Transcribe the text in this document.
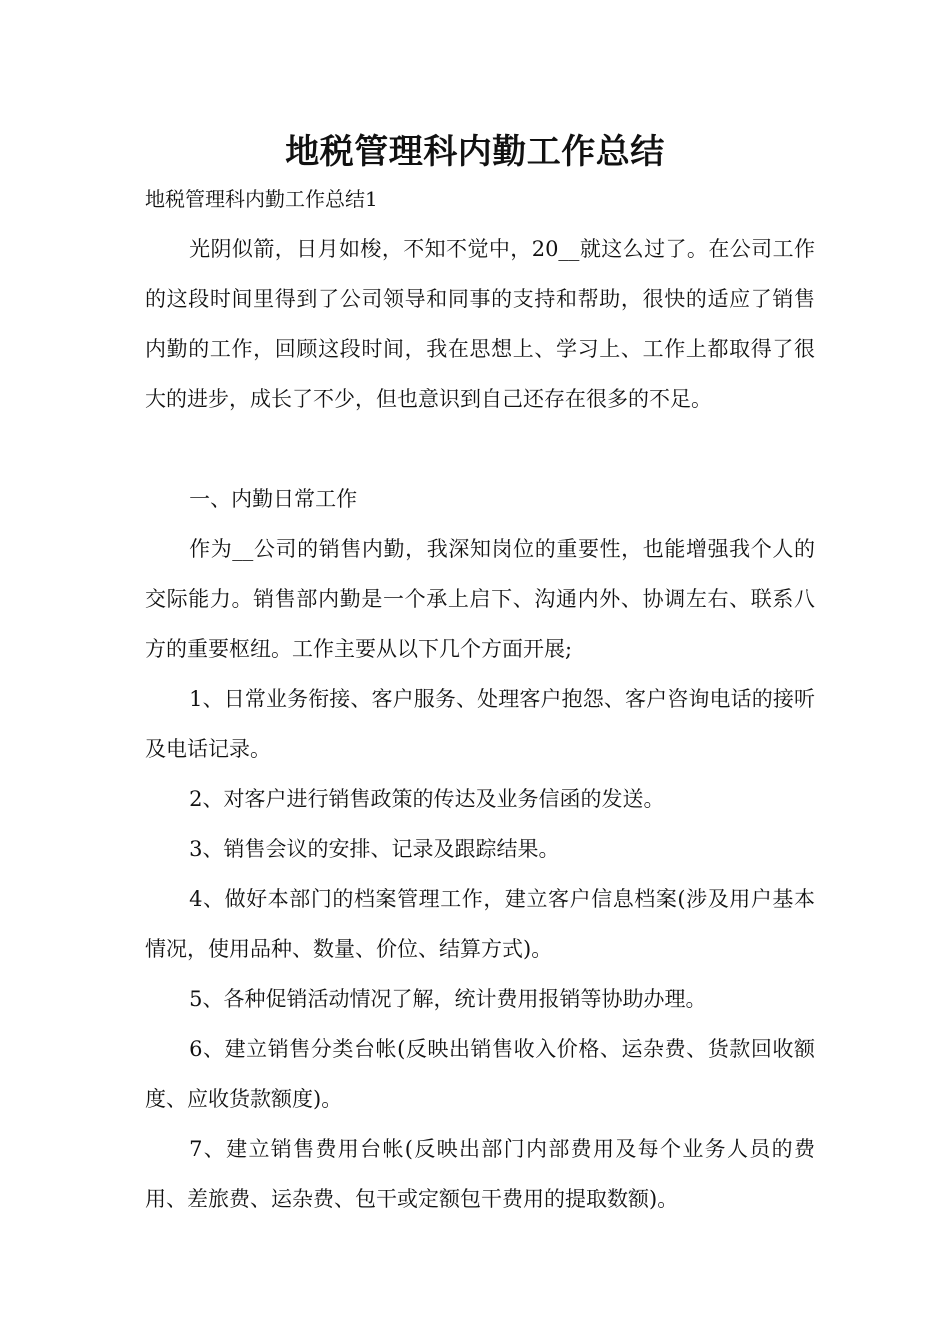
地税管理科内勤工作总结
地税管理科内勤工作总结1

光阴似箭，日月如梭，不知不觉中，20__就这么过了。在公司工作的这段时间里得到了公司领导和同事的支持和帮助，很快的适应了销售内勤的工作，回顾这段时间，我在思想上、学习上、工作上都取得了很大的进步，成长了不少，但也意识到自己还存在很多的不足。

一、内勤日常工作

作为__公司的销售内勤，我深知岗位的重要性，也能增强我个人的交际能力。销售部内勤是一个承上启下、沟通内外、协调左右、联系八方的重要枢纽。工作主要从以下几个方面开展;

1、日常业务衔接、客户服务、处理客户抱怨、客户咨询电话的接听及电话记录。

2、对客户进行销售政策的传达及业务信函的发送。

3、销售会议的安排、记录及跟踪结果。

4、做好本部门的档案管理工作，建立客户信息档案(涉及用户基本情况，使用品种、数量、价位、结算方式)。

5、各种促销活动情况了解，统计费用报销等协助办理。

6、建立销售分类台帐(反映出销售收入价格、运杂费、货款回收额度、应收货款额度)。

7、建立销售费用台帐(反映出部门内部费用及每个业务人员的费用、差旅费、运杂费、包干或定额包干费用的提取数额)。
